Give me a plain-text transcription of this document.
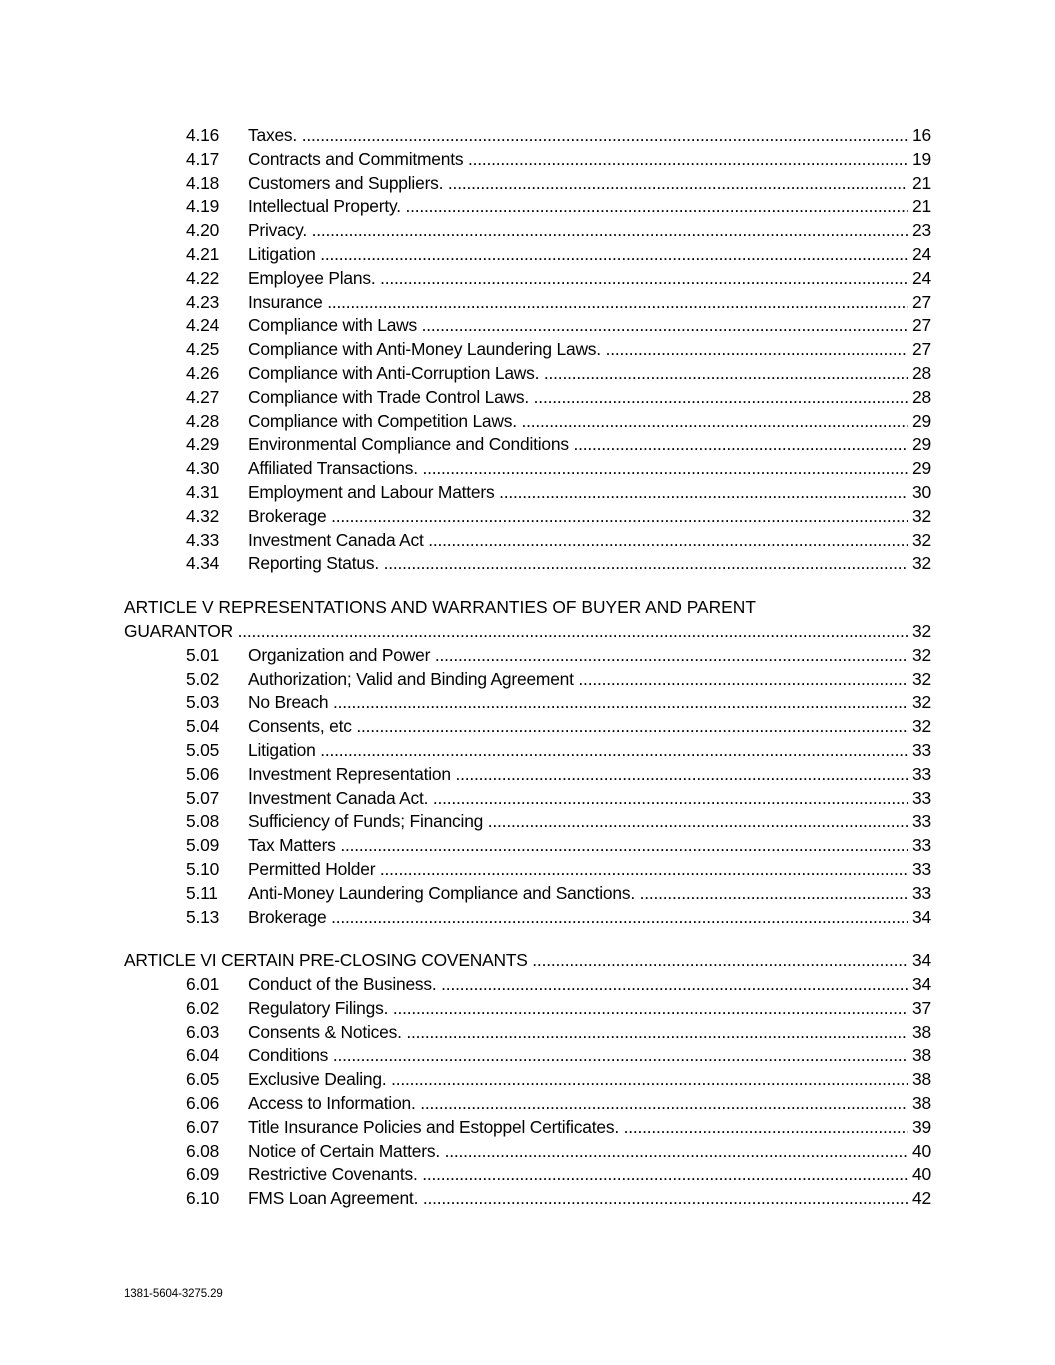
4.16 Taxes. .....	16
4.17 Contracts and Commitments .....	19
4.18 Customers and Suppliers. .....	21
4.19 Intellectual Property. .....	21
4.20 Privacy. .....	23
4.21 Litigation .....	24
4.22 Employee Plans. .....	24
4.23 Insurance .....	27
4.24 Compliance with Laws .....	27
4.25 Compliance with Anti-Money Laundering Laws. .....	27
4.26 Compliance with Anti-Corruption Laws. .....	28
4.27 Compliance with Trade Control Laws. .....	28
4.28 Compliance with Competition Laws. .....	29
4.29 Environmental Compliance and Conditions .....	29
4.30 Affiliated Transactions. .....	29
4.31 Employment and Labour Matters .....	30
4.32 Brokerage .....	32
4.33 Investment Canada Act .....	32
4.34 Reporting Status. .....	32
ARTICLE V REPRESENTATIONS AND WARRANTIES OF BUYER AND PARENT
GUARANTOR .....	32
5.01 Organization and Power .....	32
5.02 Authorization; Valid and Binding Agreement .....	32
5.03 No Breach .....	32
5.04 Consents, etc .....	32
5.05 Litigation .....	33
5.06 Investment Representation .....	33
5.07 Investment Canada Act. .....	33
5.08 Sufficiency of Funds; Financing .....	33
5.09 Tax Matters .....	33
5.10 Permitted Holder .....	33
5.11 Anti-Money Laundering Compliance and Sanctions. .....	33
5.13 Brokerage .....	34
ARTICLE VI CERTAIN PRE-CLOSING COVENANTS .....	34
6.01 Conduct of the Business. .....	34
6.02 Regulatory Filings. .....	37
6.03 Consents & Notices. .....	38
6.04 Conditions .....	38
6.05 Exclusive Dealing. .....	38
6.06 Access to Information. .....	38
6.07 Title Insurance Policies and Estoppel Certificates. .....	39
6.08 Notice of Certain Matters. .....	40
6.09 Restrictive Covenants. .....	40
6.10 FMS Loan Agreement. .....	42
1381-5604-3275.29
